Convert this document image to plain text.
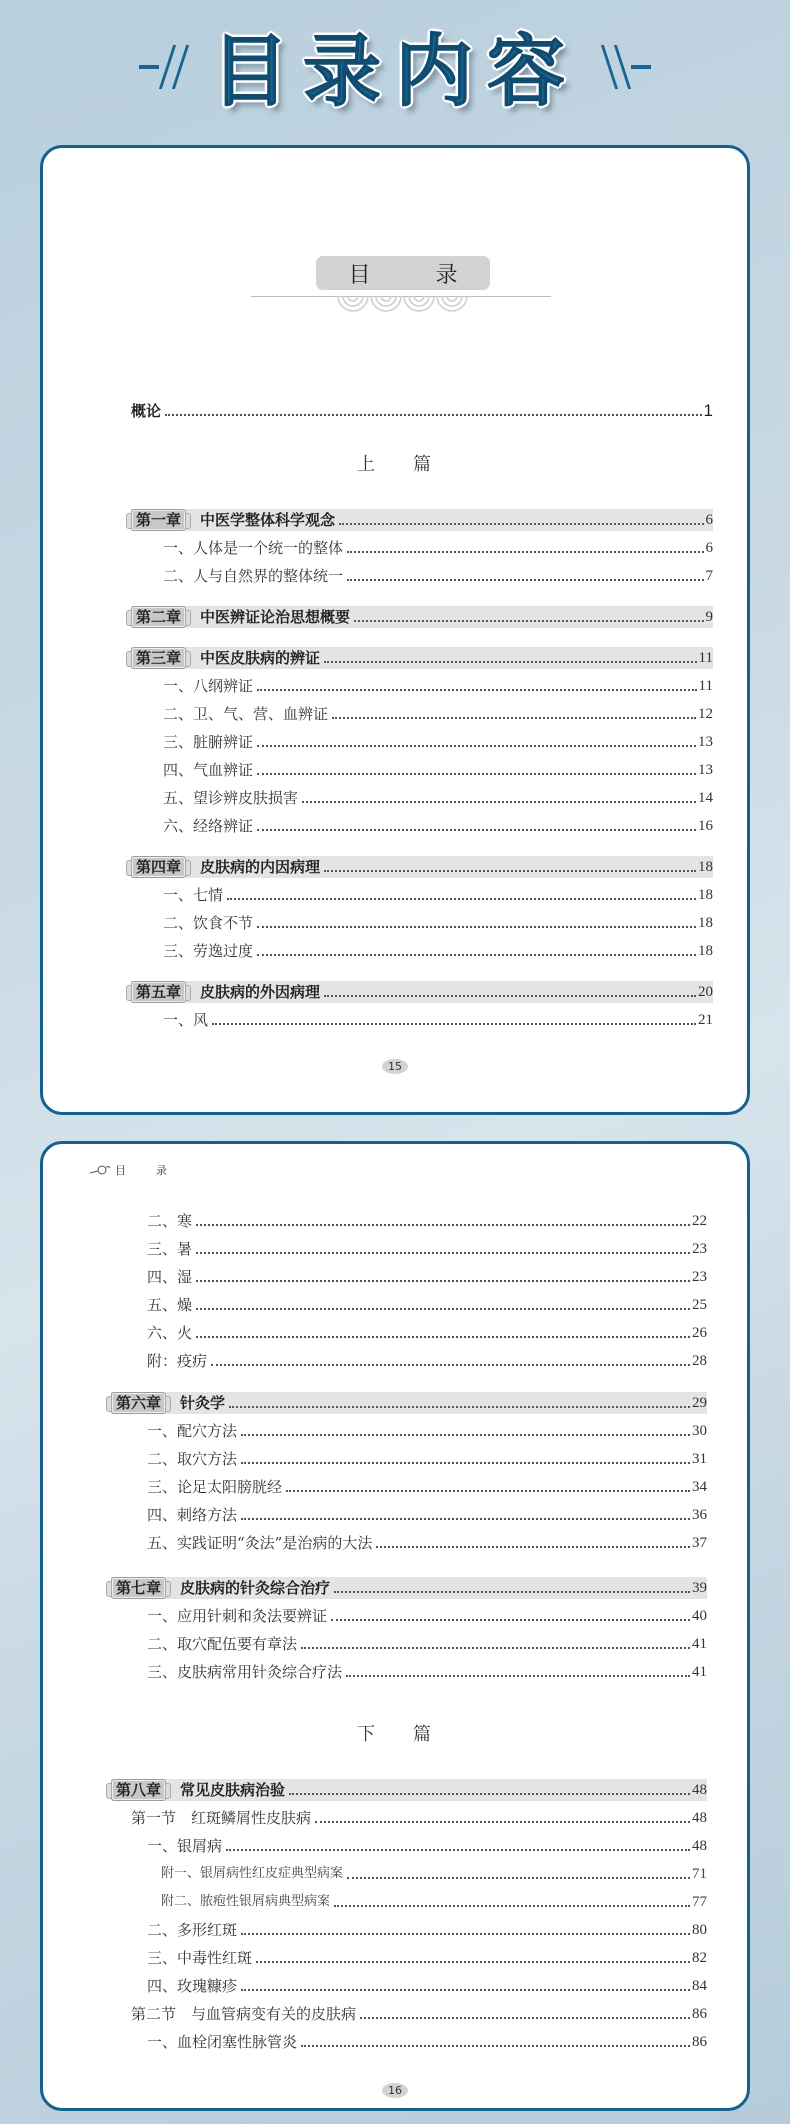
目录内容
目	录
概论	1
上 篇
第一章	中医学整体科学观念	6
一、人体是一个统一的整体	6
二、人与自然界的整体统一	7
第二章	中医辨证论治思想概要	9
第三章	中医皮肤病的辨证	11
一、八纲辨证	11
二、卫、气、营、血辨证	12
三、脏腑辨证	13
四、气血辨证	13
五、望诊辨皮肤损害	14
六、经络辨证	16
第四章	皮肤病的内因病理	18
一、七情	18
二、饮食不节	18
三、劳逸过度	18
第五章	皮肤病的外因病理	20
一、风	21
15
目	录
二、寒	22
三、暑	23
四、湿	23
五、燥	25
六、火	26
附：疫疠	28
第六章	针灸学	29
一、配穴方法	30
二、取穴方法	31
三、论足太阳膀胱经	34
四、刺络方法	36
五、实践证明“灸法”是治病的大法	37
第七章	皮肤病的针灸综合治疗	39
一、应用针刺和灸法要辨证	40
二、取穴配伍要有章法	41
三、皮肤病常用针灸综合疗法	41
下 篇
第八章	常见皮肤病治验	48
第一节　红斑鳞屑性皮肤病	48
一、银屑病	48
附一、银屑病性红皮症典型病案	71
附二、脓疱性银屑病典型病案	77
二、多形红斑	80
三、中毒性红斑	82
四、玫瑰糠疹	84
第二节　与血管病变有关的皮肤病	86
一、血栓闭塞性脉管炎	86
16
